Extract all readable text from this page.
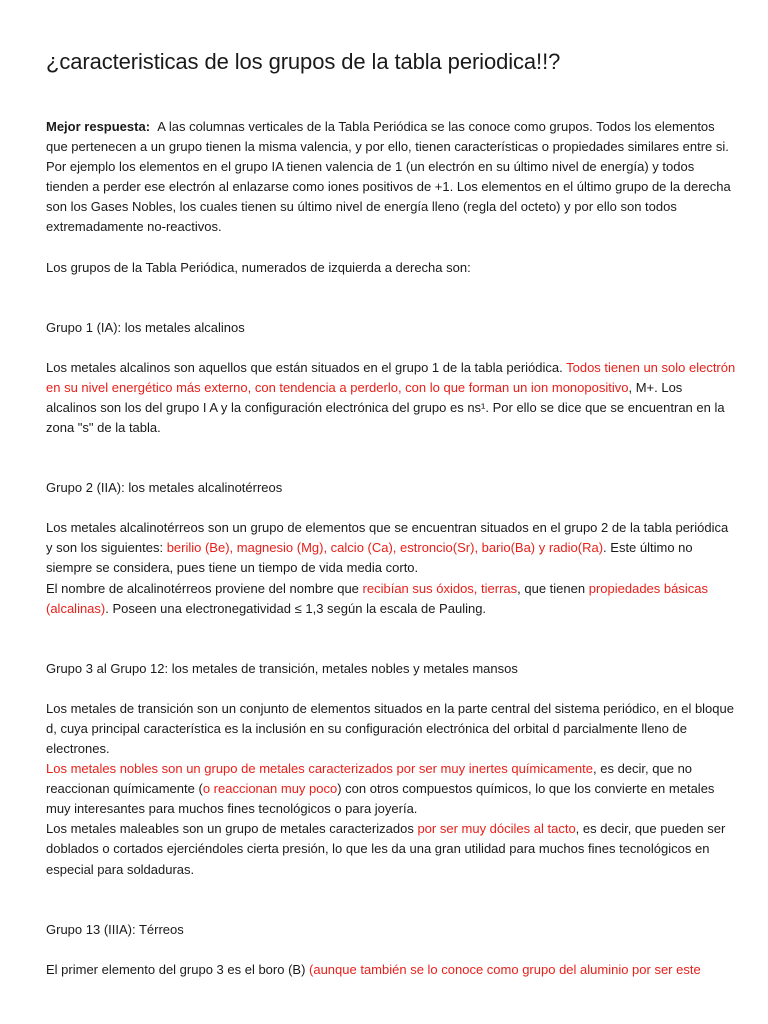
¿caracteristicas de los grupos de la tabla periodica!!?

Mejor respuesta: A las columnas verticales de la Tabla Periódica se las conoce como grupos. Todos los elementos que pertenecen a un grupo tienen la misma valencia, y por ello, tienen características o propiedades similares entre si. Por ejemplo los elementos en el grupo IA tienen valencia de 1 (un electrón en su último nivel de energía) y todos tienden a perder ese electrón al enlazarse como iones positivos de +1. Los elementos en el último grupo de la derecha son los Gases Nobles, los cuales tienen su último nivel de energía lleno (regla del octeto) y por ello son todos extremadamente no-reactivos.

Los grupos de la Tabla Periódica, numerados de izquierda a derecha son:

Grupo 1 (IA): los metales alcalinos

Los metales alcalinos son aquellos que están situados en el grupo 1 de la tabla periódica. Todos tienen un solo electrón en su nivel energético más externo, con tendencia a perderlo, con lo que forman un ion monopositivo, M+. Los alcalinos son los del grupo I A y la configuración electrónica del grupo es ns¹. Por ello se dice que se encuentran en la zona "s" de la tabla.

Grupo 2 (IIA): los metales alcalinotérreos

Los metales alcalinotérreos son un grupo de elementos que se encuentran situados en el grupo 2 de la tabla periódica y son los siguientes: berilio (Be), magnesio (Mg), calcio (Ca), estroncio(Sr), bario(Ba) y radio(Ra). Este último no siempre se considera, pues tiene un tiempo de vida media corto.

El nombre de alcalinotérreos proviene del nombre que recibían sus óxidos, tierras, que tienen propiedades básicas (alcalinas). Poseen una electronegatividad ≤ 1,3 según la escala de Pauling.

Grupo 3 al Grupo 12: los metales de transición, metales nobles y metales mansos

Los metales de transición son un conjunto de elementos situados en la parte central del sistema periódico, en el bloque d, cuya principal característica es la inclusión en su configuración electrónica del orbital d parcialmente lleno de electrones.

Los metales nobles son un grupo de metales caracterizados por ser muy inertes químicamente, es decir, que no reaccionan químicamente (o reaccionan muy poco) con otros compuestos químicos, lo que los convierte en metales muy interesantes para muchos fines tecnológicos o para joyería.

Los metales maleables son un grupo de metales caracterizados por ser muy dóciles al tacto, es decir, que pueden ser doblados o cortados ejerciéndoles cierta presión, lo que les da una gran utilidad para muchos fines tecnológicos en especial para soldaduras.

Grupo 13 (IIIA): Térreos

El primer elemento del grupo 3 es el boro (B) (aunque también se lo conoce como grupo del aluminio por ser este
